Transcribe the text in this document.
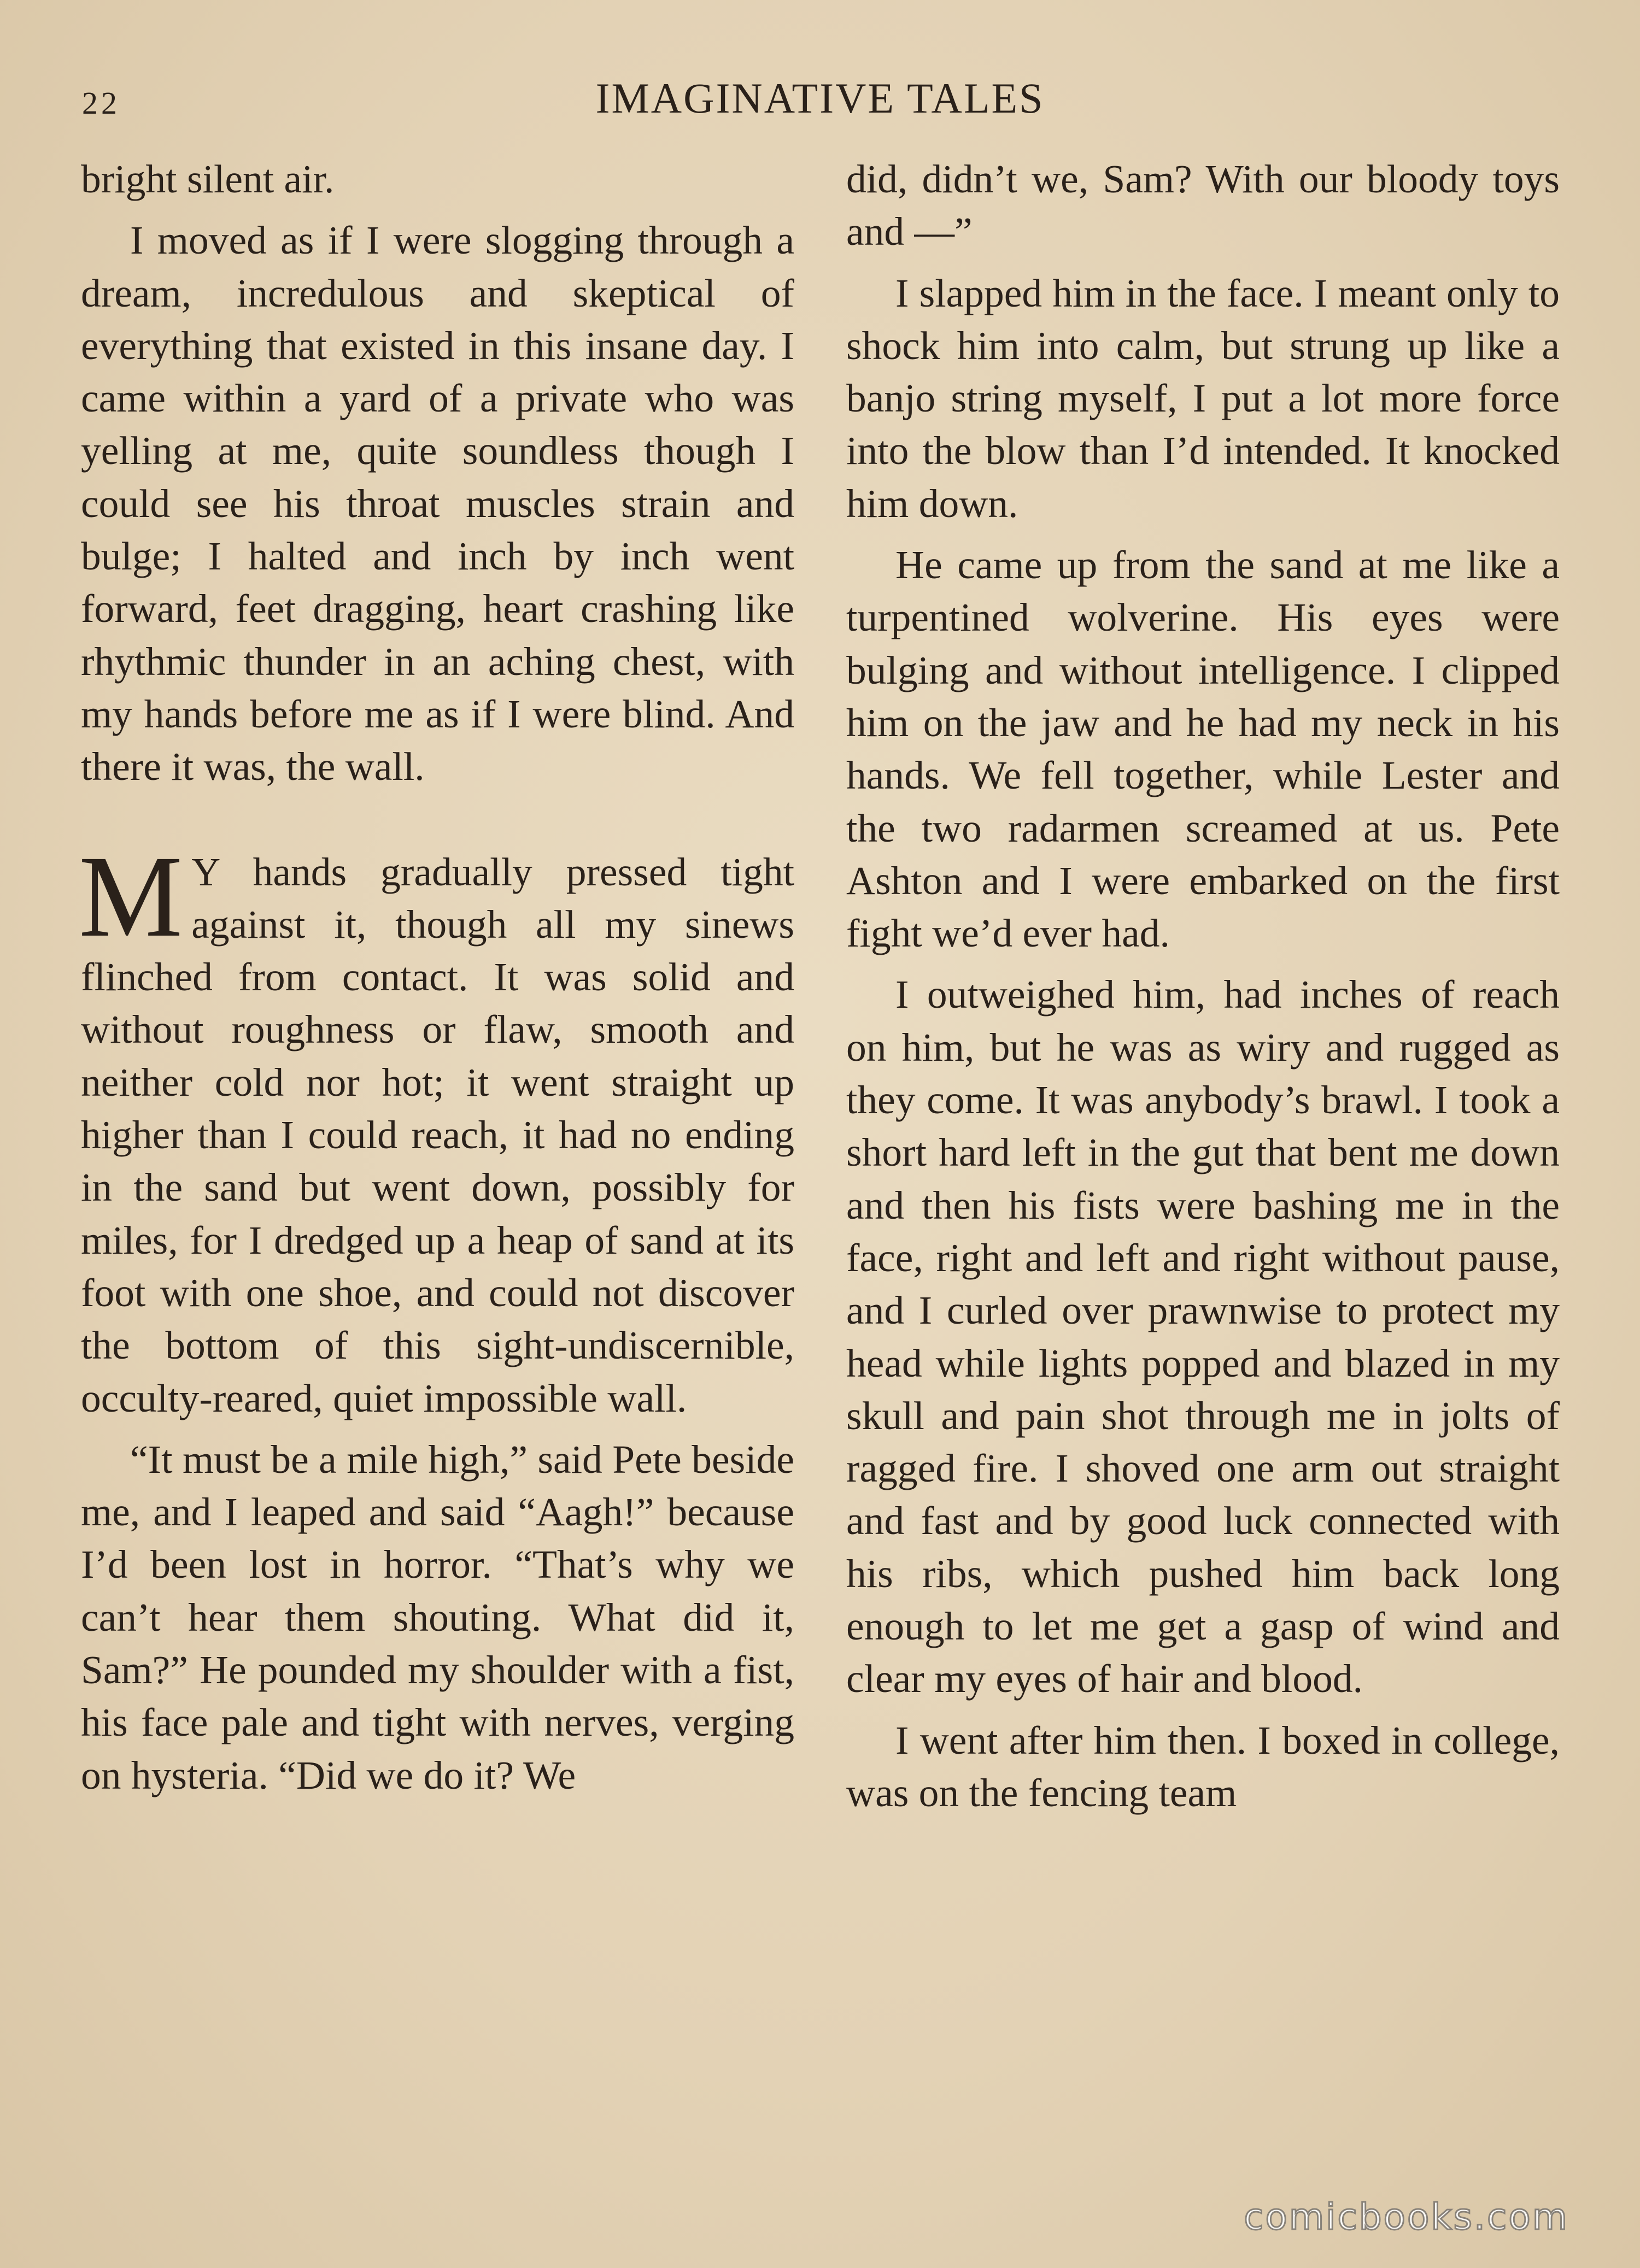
22	IMAGINATIVE TALES

bright silent air.

I moved as if I were slogging through a dream, incredulous and skeptical of everything that existed in this insane day. I came within a yard of a private who was yelling at me, quite soundless though I could see his throat muscles strain and bulge; I halted and inch by inch went forward, feet dragging, heart crashing like rhythmic thunder in an aching chest, with my hands before me as if I were blind. And there it was, the wall.

M Y hands gradually pressed tight against it, though all my sinews flinched from contact. It was solid and without roughness or flaw, smooth and neither cold nor hot; it went straight up higher than I could reach, it had no ending in the sand but went down, possibly for miles, for I dredged up a heap of sand at its foot with one shoe, and could not discover the bottom of this sight-undiscernible, occulty-reared, quiet impossible wall.

“It must be a mile high,” said Pete beside me, and I leaped and said “Aagh!” because I’d been lost in horror. “That’s why we can’t hear them shouting. What did it, Sam?” He pounded my shoulder with a fist, his face pale and tight with nerves, verging on hysteria. “Did we do it? We

did, didn’t we, Sam? With our bloody toys and —”

I slapped him in the face. I meant only to shock him into calm, but strung up like a banjo string myself, I put a lot more force into the blow than I’d intended. It knocked him down.

He came up from the sand at me like a turpentined wolverine. His eyes were bulging and without intelligence. I clipped him on the jaw and he had my neck in his hands. We fell together, while Lester and the two radarmen screamed at us. Pete Ashton and I were embarked on the first fight we’d ever had.

I outweighed him, had inches of reach on him, but he was as wiry and rugged as they come. It was anybody’s brawl. I took a short hard left in the gut that bent me down and then his fists were bashing me in the face, right and left and right without pause, and I curled over prawnwise to protect my head while lights popped and blazed in my skull and pain shot through me in jolts of ragged fire. I shoved one arm out straight and fast and by good luck connected with his ribs, which pushed him back long enough to let me get a gasp of wind and clear my eyes of hair and blood.

I went after him then. I boxed in college, was on the fencing team

comicbooks.com
